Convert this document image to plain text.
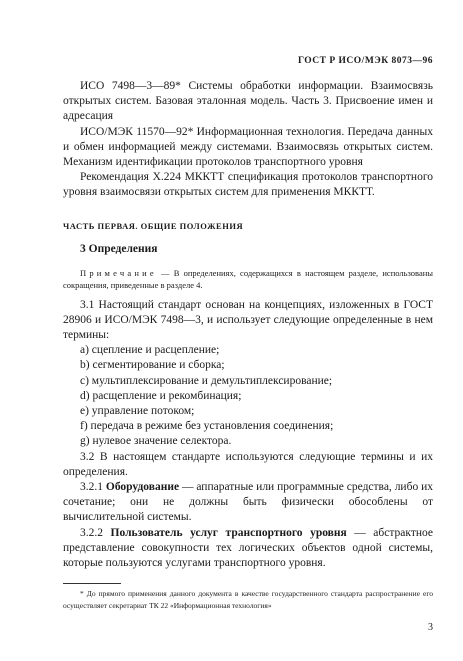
ГОСТ Р ИСО/МЭК 8073—96

ИСО 7498—3—89* Системы обработки информации. Взаимосвязь открытых систем. Базовая эталонная модель. Часть 3. Присвоение имен и адресация

ИСО/МЭК 11570—92* Информационная технология. Передача данных и обмен информацией между системами. Взаимосвязь открытых систем. Механизм идентификации протоколов транспортного уровня

Рекомендация Х.224 МККТТ спецификация протоколов транспортного уровня взаимосвязи открытых систем для применения МККТТ.

ЧАСТЬ ПЕРВАЯ. ОБЩИЕ ПОЛОЖЕНИЯ

3 Определения

Примечание — В определениях, содержащихся в настоящем разделе, использованы сокращения, приведенные в разделе 4.

3.1 Настоящий стандарт основан на концепциях, изложенных в ГОСТ 28906 и ИСО/МЭК 7498—3, и использует следующие определенные в нем термины:

а) сцепление и расцепление;

b) сегментирование и сборка;

с) мультиплексирование и демультиплексирование;

d) расщепление и рекомбинация;

е) управление потоком;

f) передача в режиме без установления соединения;

g) нулевое значение селектора.

3.2 В настоящем стандарте используются следующие термины и их определения.

3.2.1 Оборудование — аппаратные или программные средства, либо их сочетание; они не должны быть физически обособлены от вычислительной системы.

3.2.2 Пользователь услуг транспортного уровня — абстрактное представление совокупности тех логических объектов одной системы, которые пользуются услугами транспортного уровня.

* До прямого применения данного документа в качестве государственного стандарта распространение его осуществляет секретариат ТК 22 «Информационная технология»

3
